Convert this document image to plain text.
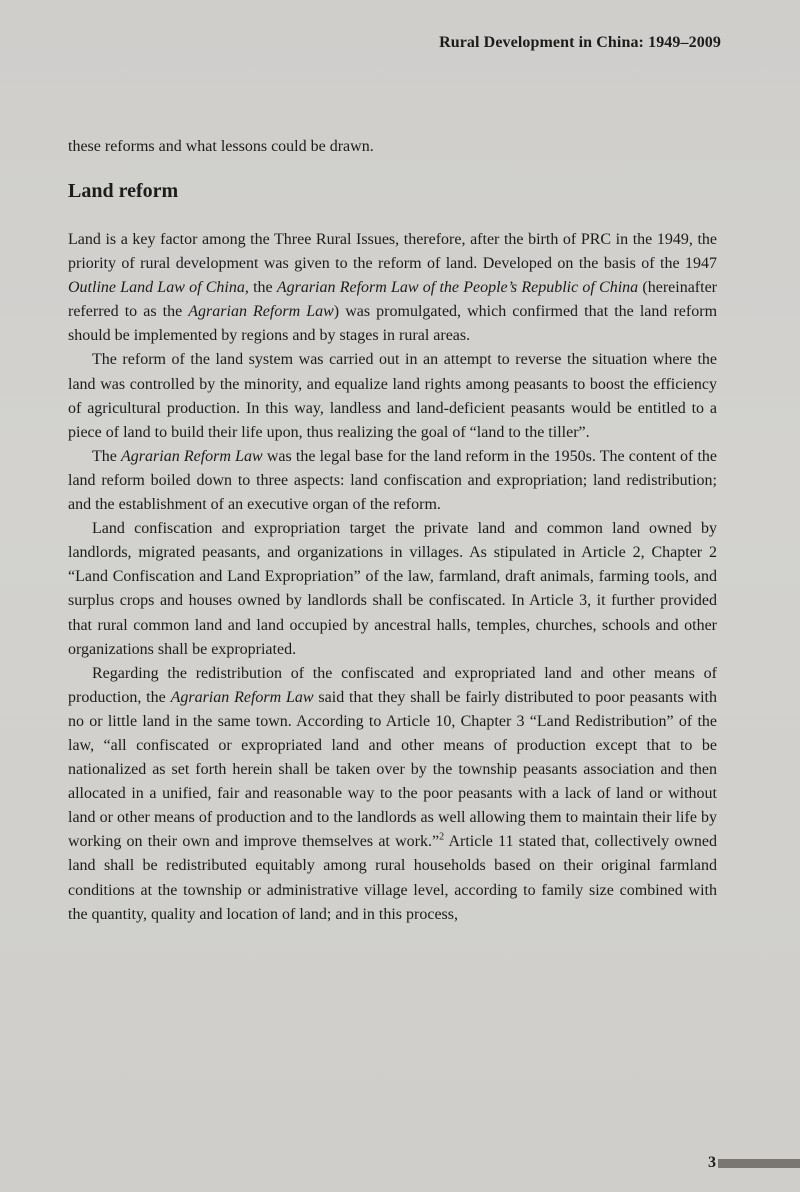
Rural Development in China: 1949–2009

these reforms and what lessons could be drawn.

Land reform

Land is a key factor among the Three Rural Issues, therefore, after the birth of PRC in the 1949, the priority of rural development was given to the reform of land. Developed on the basis of the 1947 Outline Land Law of China, the Agrarian Reform Law of the People’s Republic of China (hereinafter referred to as the Agrarian Reform Law) was promulgated, which confirmed that the land reform should be implemented by regions and by stages in rural areas.

The reform of the land system was carried out in an attempt to reverse the situation where the land was controlled by the minority, and equalize land rights among peasants to boost the efficiency of agricultural production. In this way, landless and land-deficient peasants would be entitled to a piece of land to build their life upon, thus realizing the goal of “land to the tiller”.

The Agrarian Reform Law was the legal base for the land reform in the 1950s. The content of the land reform boiled down to three aspects: land confiscation and expropriation; land redistribution; and the establishment of an executive organ of the reform.

Land confiscation and expropriation target the private land and common land owned by landlords, migrated peasants, and organizations in villages. As stipulated in Article 2, Chapter 2 “Land Confiscation and Land Expropriation” of the law, farmland, draft animals, farming tools, and surplus crops and houses owned by landlords shall be confiscated. In Article 3, it further provided that rural common land and land occupied by ancestral halls, temples, churches, schools and other organizations shall be expropriated.

Regarding the redistribution of the confiscated and expropriated land and other means of production, the Agrarian Reform Law said that they shall be fairly distributed to poor peasants with no or little land in the same town. According to Article 10, Chapter 3 “Land Redistribution” of the law, “all confiscated or expropriated land and other means of production except that to be nationalized as set forth herein shall be taken over by the township peasants association and then allocated in a unified, fair and reasonable way to the poor peasants with a lack of land or without land or other means of production and to the landlords as well allowing them to maintain their life by working on their own and improve themselves at work.”$^2$ Article 11 stated that, collectively owned land shall be redistributed equitably among rural households based on their original farmland conditions at the township or administrative village level, according to family size combined with the quantity, quality and location of land; and in this process,

3
